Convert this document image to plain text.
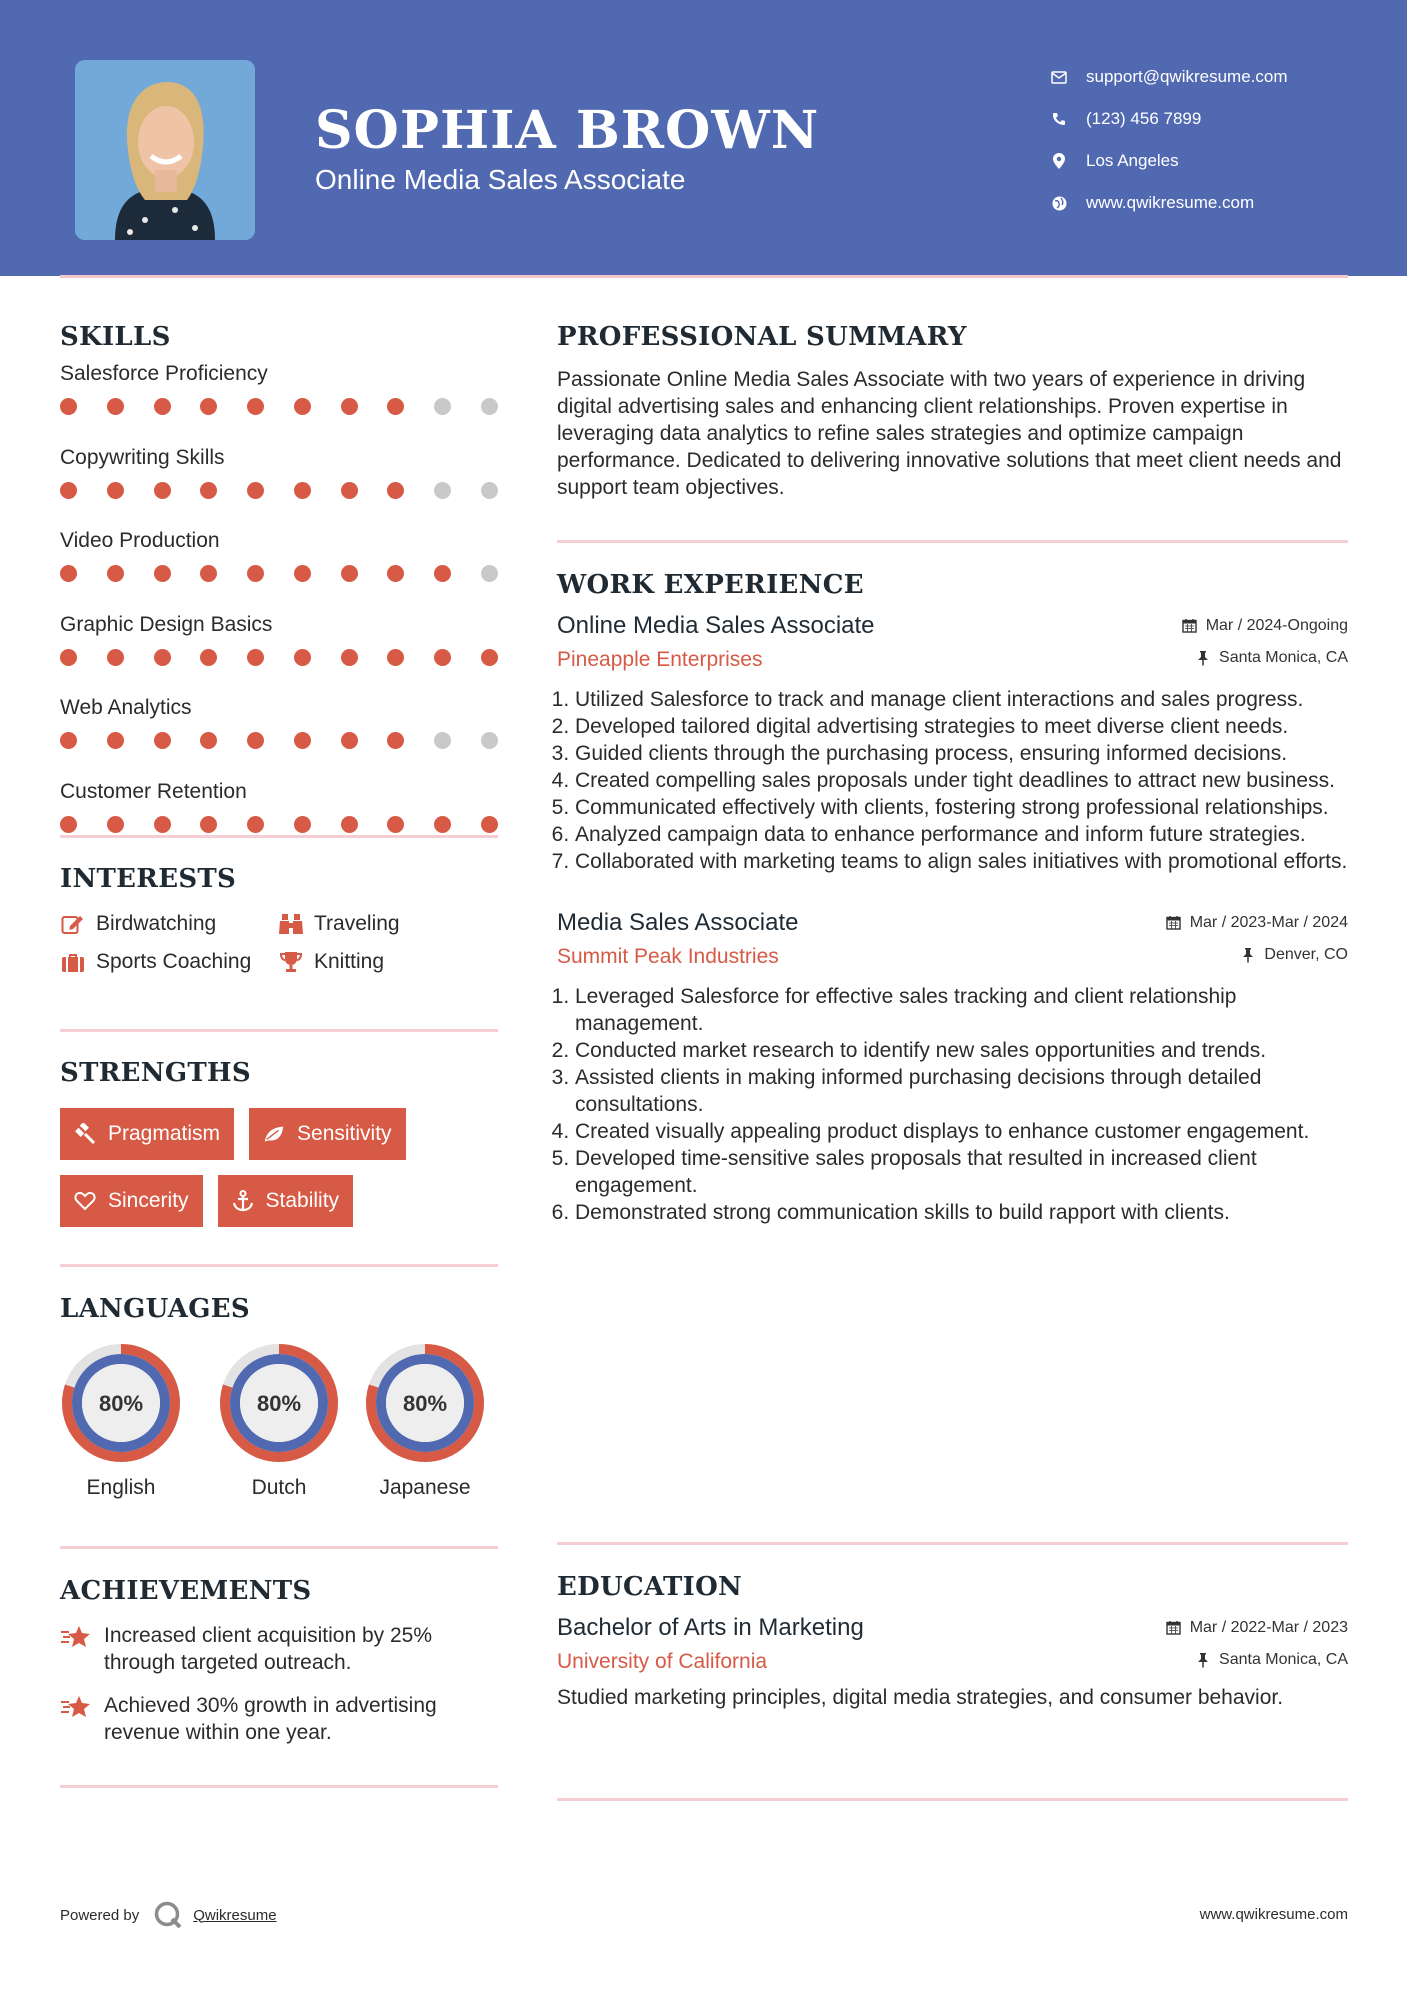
SOPHIA BROWN
Online Media Sales Associate
support@qwikresume.com
(123) 456 7899
Los Angeles
www.qwikresume.com
SKILLS
Salesforce Proficiency
Copywriting Skills
Video Production
Graphic Design Basics
Web Analytics
Customer Retention
INTERESTS
Birdwatching	Traveling
Sports Coaching	Knitting
STRENGTHS
Pragmatism	Sensitivity
Sincerity	Stability
LANGUAGES
80%
English
80%
Dutch
80%
Japanese
ACHIEVEMENTS
Increased client acquisition by 25% through targeted outreach.
Achieved 30% growth in advertising revenue within one year.
PROFESSIONAL SUMMARY
Passionate Online Media Sales Associate with two years of experience in driving digital advertising sales and enhancing client relationships. Proven expertise in leveraging data analytics to refine sales strategies and optimize campaign performance. Dedicated to delivering innovative solutions that meet client needs and support team objectives.
WORK EXPERIENCE
Online Media Sales Associate	Mar / 2024-Ongoing
Pineapple Enterprises	Santa Monica, CA
1. Utilized Salesforce to track and manage client interactions and sales progress.
2. Developed tailored digital advertising strategies to meet diverse client needs.
3. Guided clients through the purchasing process, ensuring informed decisions.
4. Created compelling sales proposals under tight deadlines to attract new business.
5. Communicated effectively with clients, fostering strong professional relationships.
6. Analyzed campaign data to enhance performance and inform future strategies.
7. Collaborated with marketing teams to align sales initiatives with promotional efforts.
Media Sales Associate	Mar / 2023-Mar / 2024
Summit Peak Industries	Denver, CO
1. Leveraged Salesforce for effective sales tracking and client relationship management.
2. Conducted market research to identify new sales opportunities and trends.
3. Assisted clients in making informed purchasing decisions through detailed consultations.
4. Created visually appealing product displays to enhance customer engagement.
5. Developed time-sensitive sales proposals that resulted in increased client engagement.
6. Demonstrated strong communication skills to build rapport with clients.
EDUCATION
Bachelor of Arts in Marketing	Mar / 2022-Mar / 2023
University of California	Santa Monica, CA
Studied marketing principles, digital media strategies, and consumer behavior.
Powered by	Qwikresume	www.qwikresume.com
